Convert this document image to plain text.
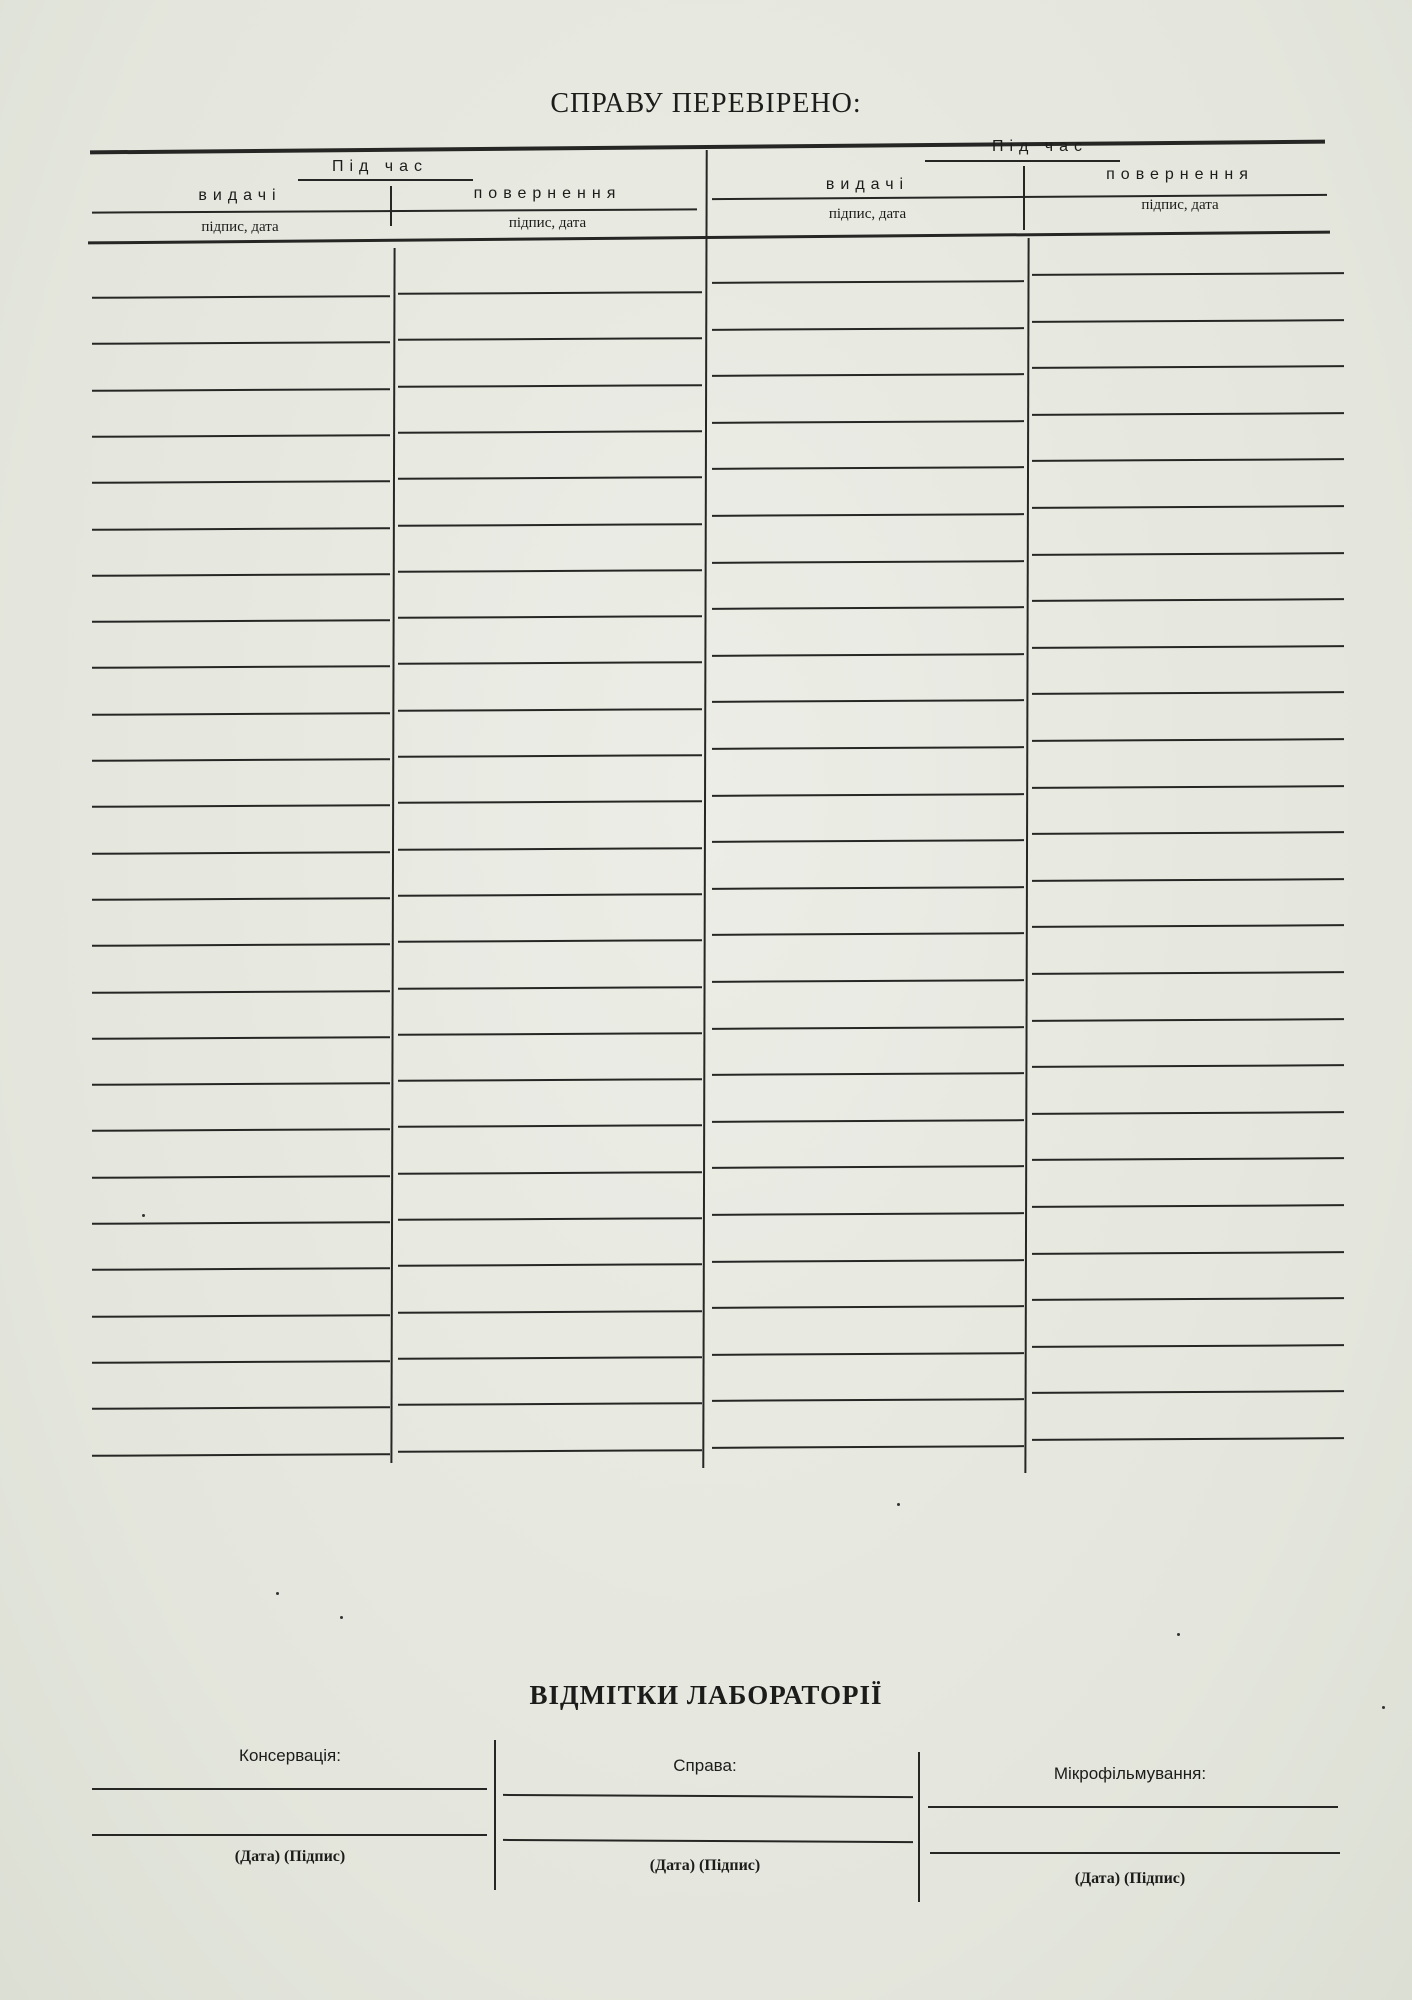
СПРАВУ ПЕРЕВІРЕНО:
Під час
видачі	повернення
підпис, дата	підпис, дата
Під час
видачі
повернення
підпис, дата
підпис, дата
ВІДМІТКИ ЛАБОРАТОРІЇ
Консервація:
(Дата) (Підпис)
Справа:
(Дата) (Підпис)
Мікрофільмування:
(Дата) (Підпис)
